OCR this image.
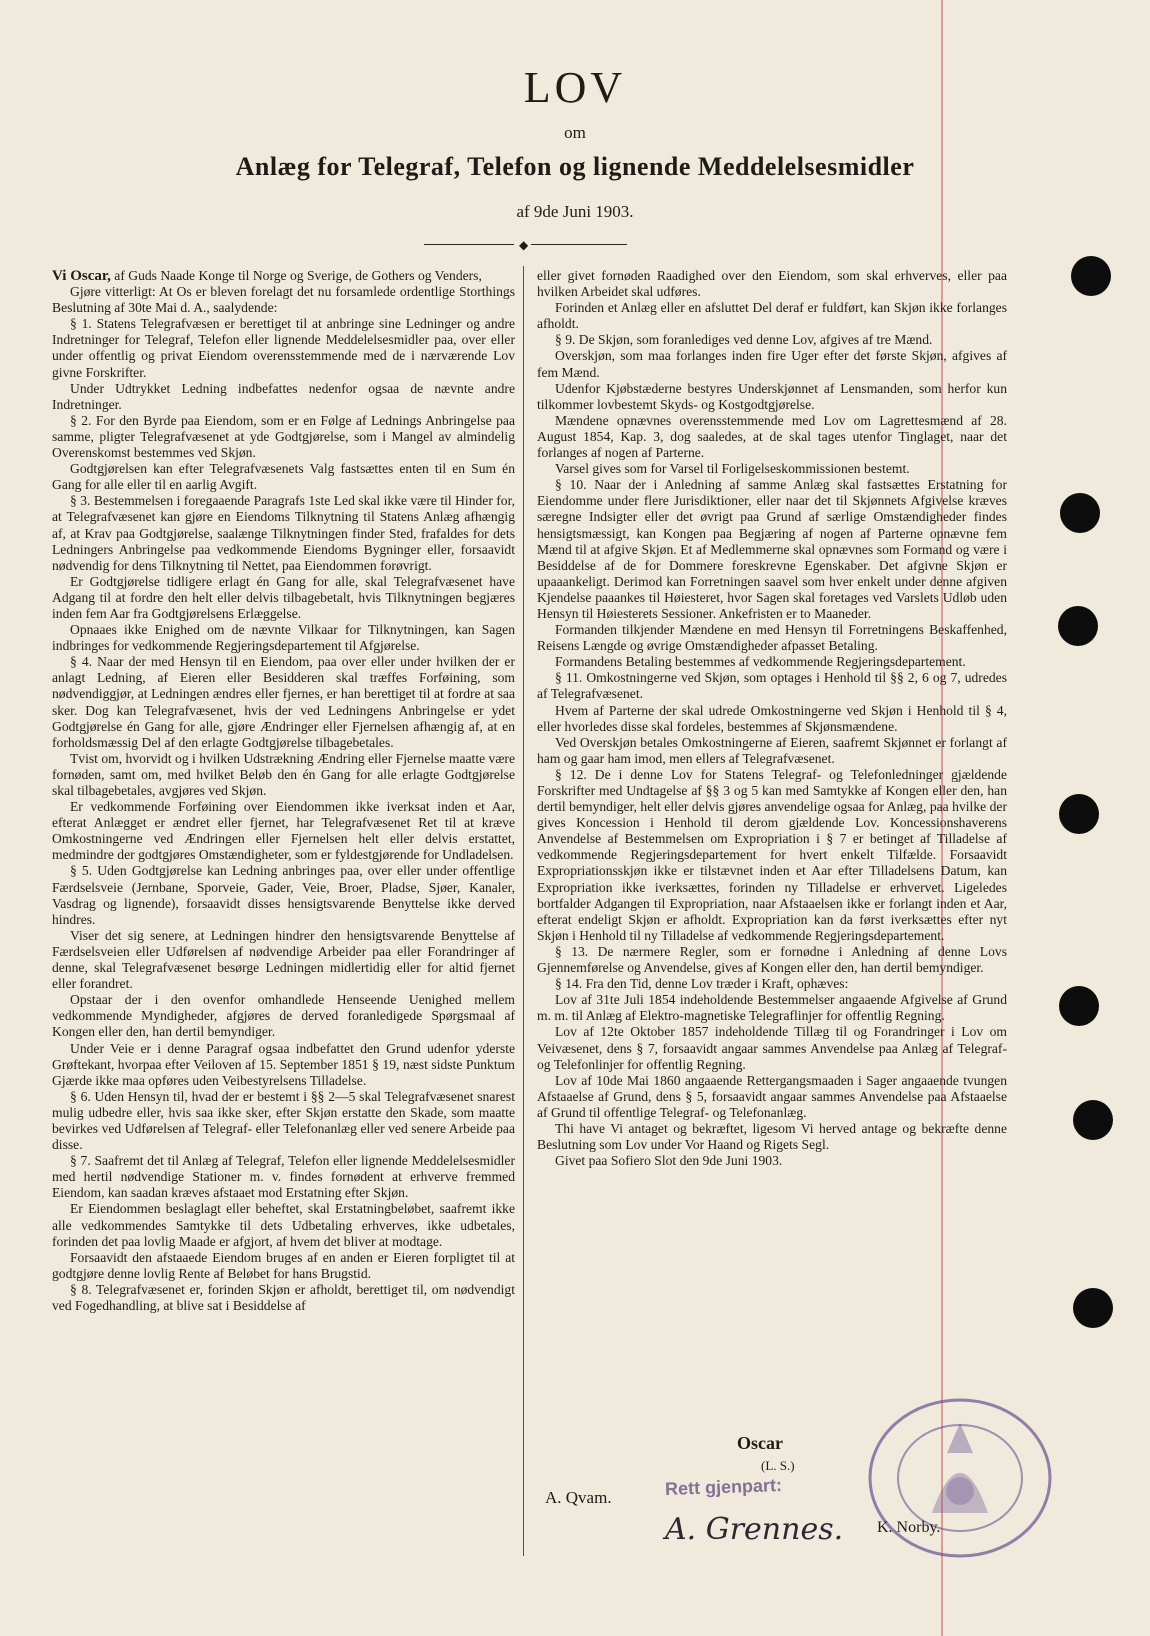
LOV
om
Anlæg for Telegraf, Telefon og lignende Meddelelsesmidler
af 9de Juni 1903.
◆

Vi Oscar, af Guds Naade Konge til Norge og Sverige, de Gothers og Venders,

Gjøre vitterligt: At Os er bleven forelagt det nu forsamlede ordentlige Storthings Beslutning af 30te Mai d. A., saalydende:

§ 1. Statens Telegrafvæsen er berettiget til at anbringe sine Ledninger og andre Indretninger for Telegraf, Telefon eller lignende Meddelelsesmidler paa, over eller under offentlig og privat Eiendom overensstemmende med de i nærværende Lov givne Forskrifter.

Under Udtrykket Ledning indbefattes nedenfor ogsaa de nævnte andre Indretninger.

§ 2. For den Byrde paa Eiendom, som er en Følge af Lednings Anbringelse paa samme, pligter Telegrafvæsenet at yde Godtgjørelse, som i Mangel av almindelig Overenskomst bestemmes ved Skjøn.

Godtgjørelsen kan efter Telegrafvæsenets Valg fastsættes enten til en Sum én Gang for alle eller til en aarlig Avgift.

§ 3. Bestemmelsen i foregaaende Paragrafs 1ste Led skal ikke være til Hinder for, at Telegrafvæsenet kan gjøre en Eiendoms Tilknytning til Statens Anlæg afhængig af, at Krav paa Godtgjørelse, saalænge Tilknytningen finder Sted, frafaldes for dets Ledningers Anbringelse paa vedkommende Eiendoms Bygninger eller, forsaavidt nødvendig for dens Tilknytning til Nettet, paa Eiendommen forøvrigt.

Er Godtgjørelse tidligere erlagt én Gang for alle, skal Telegrafvæsenet have Adgang til at fordre den helt eller delvis tilbagebetalt, hvis Tilknytningen begjæres inden fem Aar fra Godtgjørelsens Erlæggelse.

Opnaaes ikke Enighed om de nævnte Vilkaar for Tilknytningen, kan Sagen indbringes for vedkommende Regjeringsdepartement til Afgjørelse.

§ 4. Naar der med Hensyn til en Eiendom, paa over eller under hvilken der er anlagt Ledning, af Eieren eller Besidderen skal træffes Forføining, som nødvendiggjør, at Ledningen ændres eller fjernes, er han berettiget til at fordre at saa sker. Dog kan Telegrafvæsenet, hvis der ved Ledningens Anbringelse er ydet Godtgjørelse én Gang for alle, gjøre Ændringer eller Fjernelsen afhængig af, at en forholdsmæssig Del af den erlagte Godtgjørelse tilbagebetales.

Tvist om, hvorvidt og i hvilken Udstrækning Ændring eller Fjernelse maatte være fornøden, samt om, med hvilket Beløb den én Gang for alle erlagte Godtgjørelse skal tilbagebetales, avgjøres ved Skjøn.

Er vedkommende Forføining over Eiendommen ikke iverksat inden et Aar, efterat Anlægget er ændret eller fjernet, har Telegrafvæsenet Ret til at kræve Omkostningerne ved Ændringen eller Fjernelsen helt eller delvis erstattet, medmindre der godtgjøres Omstændigheter, som er fyldestgjørende for Undladelsen.

§ 5. Uden Godtgjørelse kan Ledning anbringes paa, over eller under offentlige Færdselsveie (Jernbane, Sporveie, Gader, Veie, Broer, Pladse, Sjøer, Kanaler, Vasdrag og lignende), forsaavidt disses hensigtsvarende Benyttelse ikke derved hindres.

Viser det sig senere, at Ledningen hindrer den hensigtsvarende Benyttelse af Færdselsveien eller Udførelsen af nødvendige Arbeider paa eller Forandringer af denne, skal Telegrafvæsenet besørge Ledningen midlertidig eller for altid fjernet eller forandret.

Opstaar der i den ovenfor omhandlede Henseende Uenighed mellem vedkommende Myndigheder, afgjøres de derved foranledigede Spørgsmaal af Kongen eller den, han dertil bemyndiger.

Under Veie er i denne Paragraf ogsaa indbefattet den Grund udenfor yderste Grøftekant, hvorpaa efter Veiloven af 15. September 1851 § 19, næst sidste Punktum Gjærde ikke maa opføres uden Veibestyrelsens Tilladelse.

§ 6. Uden Hensyn til, hvad der er bestemt i §§ 2—5 skal Telegrafvæsenet snarest mulig udbedre eller, hvis saa ikke sker, efter Skjøn erstatte den Skade, som maatte bevirkes ved Udførelsen af Telegraf- eller Telefonanlæg eller ved senere Arbeide paa disse.

§ 7. Saafremt det til Anlæg af Telegraf, Telefon eller lignende Meddelelsesmidler med hertil nødvendige Stationer m. v. findes fornødent at erhverve fremmed Eiendom, kan saadan kræves afstaaet mod Erstatning efter Skjøn.

Er Eiendommen beslaglagt eller beheftet, skal Erstatningbeløbet, saafremt ikke alle vedkommendes Samtykke til dets Udbetaling erhverves, ikke udbetales, forinden det paa lovlig Maade er afgjort, af hvem det bliver at modtage.

Forsaavidt den afstaaede Eiendom bruges af en anden er Eieren forpligtet til at godtgjøre denne lovlig Rente af Beløbet for hans Brugstid.

§ 8. Telegrafvæsenet er, forinden Skjøn er afholdt, berettiget til, om nødvendigt ved Fogedhandling, at blive sat i Besiddelse af

eller givet fornøden Raadighed over den Eiendom, som skal erhverves, eller paa hvilken Arbeidet skal udføres.

Forinden et Anlæg eller en afsluttet Del deraf er fuldført, kan Skjøn ikke forlanges afholdt.

§ 9. De Skjøn, som foranlediges ved denne Lov, afgives af tre Mænd.

Overskjøn, som maa forlanges inden fire Uger efter det første Skjøn, afgives af fem Mænd.

Udenfor Kjøbstæderne bestyres Underskjønnet af Lensmanden, som herfor kun tilkommer lovbestemt Skyds- og Kostgodtgjørelse.

Mændene opnævnes overensstemmende med Lov om Lagrettesmænd af 28. August 1854, Kap. 3, dog saaledes, at de skal tages utenfor Tinglaget, naar det forlanges af nogen af Parterne.

Varsel gives som for Varsel til Forligelseskommissionen bestemt.

§ 10. Naar der i Anledning af samme Anlæg skal fastsættes Erstatning for Eiendomme under flere Jurisdiktioner, eller naar det til Skjønnets Afgivelse kræves særegne Indsigter eller det øvrigt paa Grund af særlige Omstændigheder findes hensigtsmæssigt, kan Kongen paa Begjæring af nogen af Parterne opnævne fem Mænd til at afgive Skjøn. Et af Medlemmerne skal opnævnes som Formand og være i Besiddelse af de for Dommere foreskrevne Egenskaber. Det afgivne Skjøn er upaaankeligt. Derimod kan Forretningen saavel som hver enkelt under denne afgiven Kjendelse paaankes til Høiesteret, hvor Sagen skal foretages ved Varslets Udløb uden Hensyn til Høiesterets Sessioner. Ankefristen er to Maaneder.

Formanden tilkjender Mændene en med Hensyn til Forretningens Beskaffenhed, Reisens Længde og øvrige Omstændigheder afpasset Betaling.

Formandens Betaling bestemmes af vedkommende Regjeringsdepartement.

§ 11. Omkostningerne ved Skjøn, som optages i Henhold til §§ 2, 6 og 7, udredes af Telegrafvæsenet.

Hvem af Parterne der skal udrede Omkostningerne ved Skjøn i Henhold til § 4, eller hvorledes disse skal fordeles, bestemmes af Skjønsmændene.

Ved Overskjøn betales Omkostningerne af Eieren, saafremt Skjønnet er forlangt af ham og gaar ham imod, men ellers af Telegrafvæsenet.

§ 12. De i denne Lov for Statens Telegraf- og Telefonledninger gjældende Forskrifter med Undtagelse af §§ 3 og 5 kan med Samtykke af Kongen eller den, han dertil bemyndiger, helt eller delvis gjøres anvendelige ogsaa for Anlæg, paa hvilke der gives Koncession i Henhold til derom gjældende Lov. Koncessionshaverens Anvendelse af Bestemmelsen om Expropriation i § 7 er betinget af Tilladelse af vedkommende Regjeringsdepartement for hvert enkelt Tilfælde. Forsaavidt Expropriationsskjøn ikke er tilstævnet inden et Aar efter Tilladelsens Datum, kan Expropriation ikke iverksættes, forinden ny Tilladelse er erhvervet. Ligeledes bortfalder Adgangen til Expropriation, naar Afstaaelsen ikke er forlangt inden et Aar, efterat endeligt Skjøn er afholdt. Expropriation kan da først iverksættes efter nyt Skjøn i Henhold til ny Tilladelse af vedkommende Regjeringsdepartement.

§ 13. De nærmere Regler, som er fornødne i Anledning af denne Lovs Gjennemførelse og Anvendelse, gives af Kongen eller den, han dertil bemyndiger.

§ 14. Fra den Tid, denne Lov træder i Kraft, ophæves:

Lov af 31te Juli 1854 indeholdende Bestemmelser angaaende Afgivelse af Grund m. m. til Anlæg af Elektro-magnetiske Telegraflinjer for offentlig Regning.

Lov af 12te Oktober 1857 indeholdende Tillæg til og Forandringer i Lov om Veivæsenet, dens § 7, forsaavidt angaar sammes Anvendelse paa Anlæg af Telegraf- og Telefonlinjer for offentlig Regning.

Lov af 10de Mai 1860 angaaende Rettergangsmaaden i Sager angaaende tvungen Afstaaelse af Grund, dens § 5, forsaavidt angaar sammes Anvendelse paa Afstaaelse af Grund til offentlige Telegraf- og Telefonanlæg.

Thi have Vi antaget og bekræftet, ligesom Vi herved antage og bekræfte denne Beslutning som Lov under Vor Haand og Rigets Segl.

Givet paa Sofiero Slot den 9de Juni 1903.

Oscar
(L. S.)
A. Qvam.	Rett gjenpart:
A. Grennes. K. Norby.
